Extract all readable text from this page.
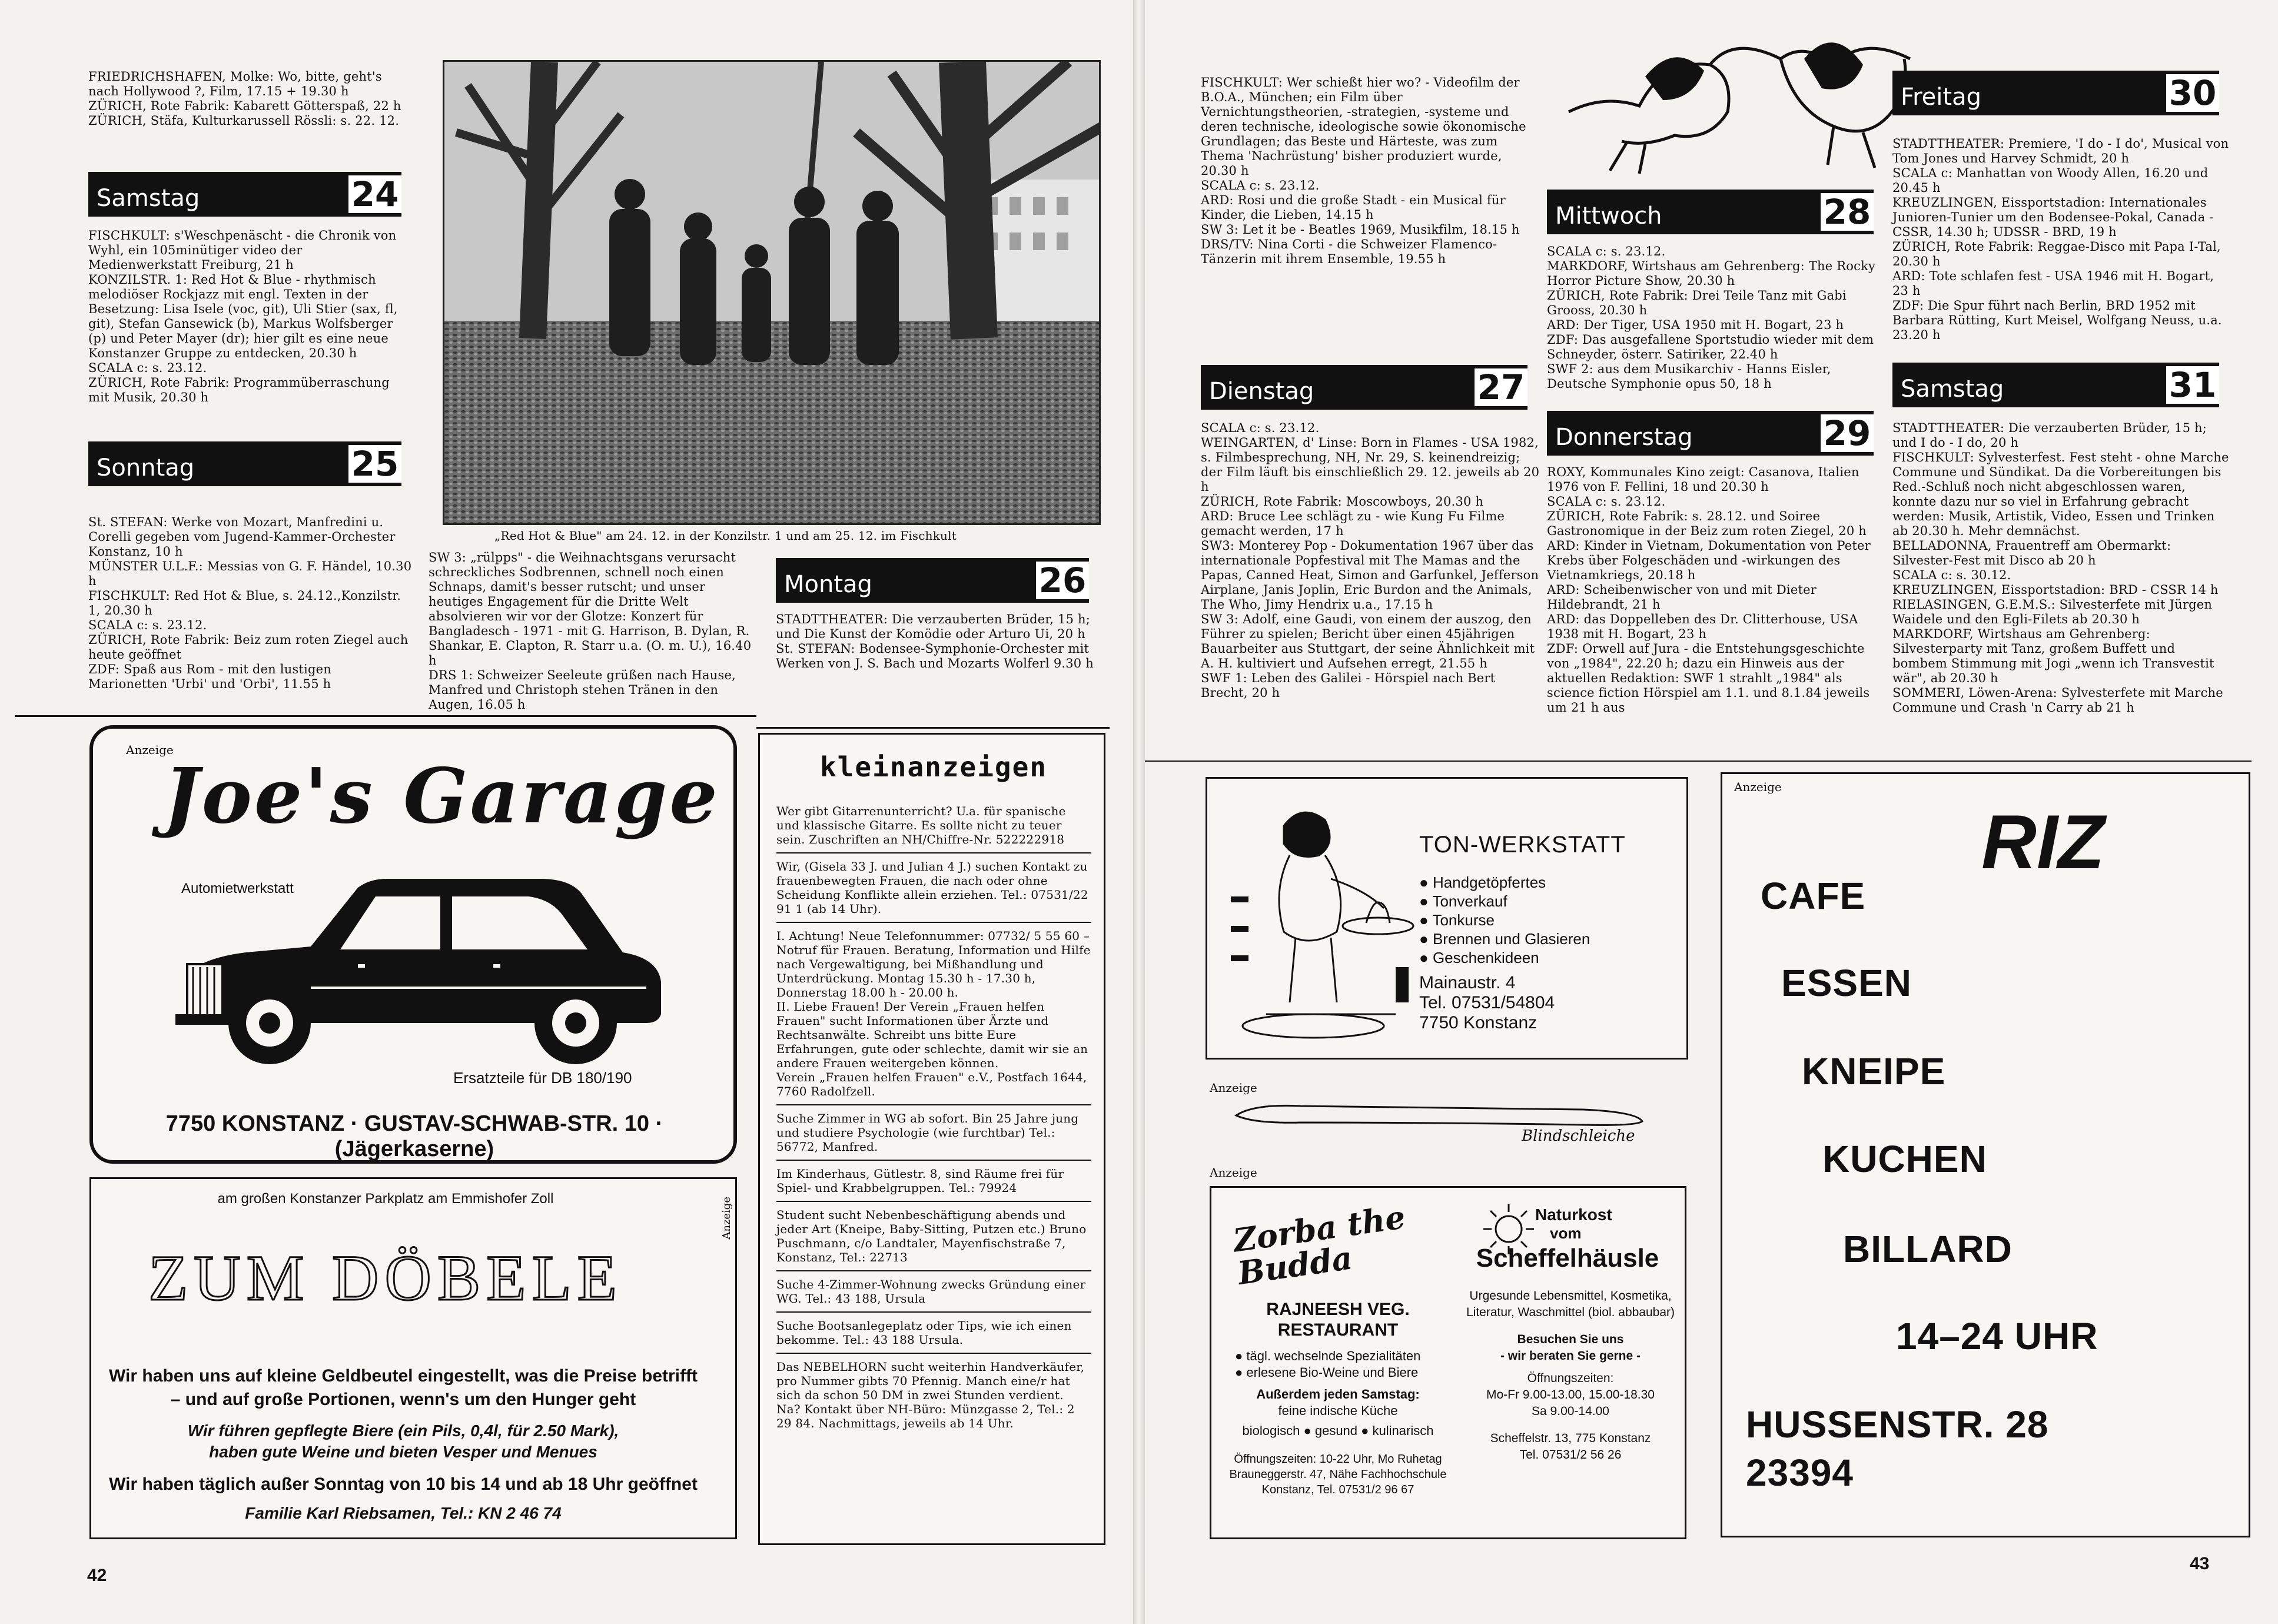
FRIEDRICHSHAFEN, Molke: Wo, bitte, geht's nach Hollywood ?, Film, 17.15 + 19.30 h

ZÜRICH, Rote Fabrik: Kabarett Götterspaß, 22 h

ZÜRICH, Stäfa, Kulturkarussell Rössli: s. 22. 12.

Samstag	24

FISCHKULT: s'Weschpenäscht - die Chronik von Wyhl, ein 105minütiger video der Medienwerkstatt Freiburg, 21 h

KONZILSTR. 1: Red Hot & Blue - rhythmisch melodiöser Rockjazz mit engl. Texten in der Besetzung: Lisa Isele (voc, git), Uli Stier (sax, fl, git), Stefan Gansewick (b), Markus Wolfsberger (p) und Peter Mayer (dr); hier gilt es eine neue Konstanzer Gruppe zu entdecken, 20.30 h

SCALA c: s. 23.12.

ZÜRICH, Rote Fabrik: Programmüberraschung mit Musik, 20.30 h

Sonntag	25

St. STEFAN: Werke von Mozart, Manfredini u. Corelli gegeben vom Jugend-Kammer-Orchester Konstanz, 10 h

MÜNSTER U.L.F.: Messias von G. F. Händel, 10.30 h

FISCHKULT: Red Hot & Blue, s. 24.12.,Konzilstr. 1, 20.30 h

SCALA c: s. 23.12.

ZÜRICH, Rote Fabrik: Beiz zum roten Ziegel auch heute geöffnet

ZDF: Spaß aus Rom - mit den lustigen Marionetten 'Urbi' und 'Orbi', 11.55 h

„Red Hot & Blue" am 24. 12. in der Konzilstr. 1 und am 25. 12. im Fischkult

SW 3: „rülpps" - die Weihnachtsgans verursacht schreckliches Sodbrennen, schnell noch einen Schnaps, damit's besser rutscht; und unser heutiges Engagement für die Dritte Welt absolvieren wir vor der Glotze: Konzert für Bangladesch - 1971 - mit G. Harrison, B. Dylan, R. Shankar, E. Clapton, R. Starr u.a. (O. m. U.), 16.40 h

DRS 1: Schweizer Seeleute grüßen nach Hause, Manfred und Christoph stehen Tränen in den Augen, 16.05 h

Montag	26

STADTTHEATER: Die verzauberten Brüder, 15 h; und Die Kunst der Komödie oder Arturo Ui, 20 h

St. STEFAN: Bodensee-Symphonie-Orchester mit Werken von J. S. Bach und Mozarts Wolferl 9.30 h

Anzeige
Joe's Garage
Automietwerkstatt
Ersatzteile für DB 180/190
7750 KONSTANZ · GUSTAV-SCHWAB-STR. 10 · (Jägerkaserne)
Anzeige
am großen Konstanzer Parkplatz am Emmishofer Zoll
ZUM DÖBELE
Wir haben uns auf kleine Geldbeutel eingestellt, was die Preise betrifft
– und auf große Portionen, wenn's um den Hunger geht
Wir führen gepflegte Biere (ein Pils, 0,4l, für 2.50 Mark),
haben gute Weine und bieten Vesper und Menues
Wir haben täglich außer Sonntag von 10 bis 14 und ab 18 Uhr geöffnet
Familie Karl Riebsamen, Tel.: KN 2 46 74
kleinanzeigen

Wer gibt Gitarrenunterricht? U.a. für spanische und klassische Gitarre. Es sollte nicht zu teuer sein. Zuschriften an NH/Chiffre-Nr. 522222918

Wir, (Gisela 33 J. und Julian 4 J.) suchen Kontakt zu frauenbewegten Frauen, die nach oder ohne Scheidung Konflikte allein erziehen. Tel.: 07531/22 91 1 (ab 14 Uhr).

I. Achtung! Neue Telefonnummer: 07732/ 5 55 60 – Notruf für Frauen. Beratung, Information und Hilfe nach Vergewaltigung, bei Mißhandlung und Unterdrückung. Montag 15.30 h - 17.30 h, Donnerstag 18.00 h - 20.00 h.

II. Liebe Frauen! Der Verein „Frauen helfen Frauen" sucht Informationen über Ärzte und Rechtsanwälte. Schreibt uns bitte Eure Erfahrungen, gute oder schlechte, damit wir sie an andere Frauen weitergeben können.

Verein „Frauen helfen Frauen" e.V., Postfach 1644, 7760 Radolfzell.

Suche Zimmer in WG ab sofort. Bin 25 Jahre jung und studiere Psychologie (wie furchtbar) Tel.: 56772, Manfred.

Im Kinderhaus, Gütlestr. 8, sind Räume frei für Spiel- und Krabbelgruppen. Tel.: 79924

Student sucht Nebenbeschäftigung abends und jeder Art (Kneipe, Baby-Sitting, Putzen etc.) Bruno Puschmann, c/o Landtaler, Mayenfischstraße 7, Konstanz, Tel.: 22713

Suche 4-Zimmer-Wohnung zwecks Gründung einer WG. Tel.: 43 188, Ursula

Suche Bootsanlegeplatz oder Tips, wie ich einen bekomme. Tel.: 43 188 Ursula.

Das NEBELHORN sucht weiterhin Handverkäufer, pro Nummer gibts 70 Pfennig. Manch eine/r hat sich da schon 50 DM in zwei Stunden verdient. Na? Kontakt über NH-Büro: Münzgasse 2, Tel.: 2 29 84. Nachmittags, jeweils ab 14 Uhr.

42

FISCHKULT: Wer schießt hier wo? - Videofilm der B.O.A., München; ein Film über Vernichtungstheorien, -strategien, -systeme und deren technische, ideologische sowie ökonomische Grundlagen; das Beste und Härteste, was zum Thema 'Nachrüstung' bisher produziert wurde, 20.30 h

SCALA c: s. 23.12.

ARD: Rosi und die große Stadt - ein Musical für Kinder, die Lieben, 14.15 h

SW 3: Let it be - Beatles 1969, Musikfilm, 18.15 h

DRS/TV: Nina Corti - die Schweizer Flamenco-Tänzerin mit ihrem Ensemble, 19.55 h

Dienstag	27

SCALA c: s. 23.12.

WEINGARTEN, d' Linse: Born in Flames - USA 1982, s. Filmbesprechung, NH, Nr. 29, S. keinendreizig; der Film läuft bis einschließlich 29. 12. jeweils ab 20 h

ZÜRICH, Rote Fabrik: Moscowboys, 20.30 h

ARD: Bruce Lee schlägt zu - wie Kung Fu Filme gemacht werden, 17 h

SW3: Monterey Pop - Dokumentation 1967 über das internationale Popfestival mit The Mamas and the Papas, Canned Heat, Simon and Garfunkel, Jefferson Airplane, Janis Joplin, Eric Burdon and the Animals, The Who, Jimy Hendrix u.a., 17.15 h

SW 3: Adolf, eine Gaudi, von einem der auszog, den Führer zu spielen; Bericht über einen 45jährigen Bauarbeiter aus Stuttgart, der seine Ähnlichkeit mit A. H. kultiviert und Aufsehen erregt, 21.55 h

SWF 1: Leben des Galilei - Hörspiel nach Bert Brecht, 20 h

Mittwoch	28

SCALA c: s. 23.12.

MARKDORF, Wirtshaus am Gehrenberg: The Rocky Horror Picture Show, 20.30 h

ZÜRICH, Rote Fabrik: Drei Teile Tanz mit Gabi Grooss, 20.30 h

ARD: Der Tiger, USA 1950 mit H. Bogart, 23 h

ZDF: Das ausgefallene Sportstudio wieder mit dem Schneyder, österr. Satiriker, 22.40 h

SWF 2: aus dem Musikarchiv - Hanns Eisler, Deutsche Symphonie opus 50, 18 h

Donnerstag	29

ROXY, Kommunales Kino zeigt: Casanova, Italien 1976 von F. Fellini, 18 und 20.30 h

SCALA c: s. 23.12.

ZÜRICH, Rote Fabrik: s. 28.12. und Soiree Gastronomique in der Beiz zum roten Ziegel, 20 h

ARD: Kinder in Vietnam, Dokumentation von Peter Krebs über Folgeschäden und -wirkungen des Vietnamkriegs, 20.18 h

ARD: Scheibenwischer von und mit Dieter Hildebrandt, 21 h

ARD: das Doppelleben des Dr. Clitterhouse, USA 1938 mit H. Bogart, 23 h

ZDF: Orwell auf Jura - die Entstehungsgeschichte von „1984", 22.20 h; dazu ein Hinweis aus der aktuellen Redaktion: SWF 1 strahlt „1984" als science fiction Hörspiel am 1.1. und 8.1.84 jeweils um 21 h aus

Freitag	30

STADTTHEATER: Premiere, 'I do - I do', Musical von Tom Jones und Harvey Schmidt, 20 h

SCALA c: Manhattan von Woody Allen, 16.20 und 20.45 h

KREUZLINGEN, Eissportstadion: Internationales Junioren-Tunier um den Bodensee-Pokal, Canada - CSSR, 14.30 h; UDSSR - BRD, 19 h

ZÜRICH, Rote Fabrik: Reggae-Disco mit Papa I-Tal, 20.30 h

ARD: Tote schlafen fest - USA 1946 mit H. Bogart, 23 h

ZDF: Die Spur führt nach Berlin, BRD 1952 mit Barbara Rütting, Kurt Meisel, Wolfgang Neuss, u.a. 23.20 h

Samstag	31

STADTTHEATER: Die verzauberten Brüder, 15 h; und I do - I do, 20 h

FISCHKULT: Sylvesterfest. Fest steht - ohne Marche Commune und Sündikat. Da die Vorbereitungen bis Red.-Schluß noch nicht abgeschlossen waren, konnte dazu nur so viel in Erfahrung gebracht werden: Musik, Artistik, Video, Essen und Trinken ab 20.30 h. Mehr demnächst.

BELLADONNA, Frauentreff am Obermarkt: Silvester-Fest mit Disco ab 20 h

SCALA c: s. 30.12.

KREUZLINGEN, Eissportstadion: BRD - CSSR 14 h

RIELASINGEN, G.E.M.S.: Silvesterfete mit Jürgen Waidele und den Egli-Filets ab 20.30 h

MARKDORF, Wirtshaus am Gehrenberg: Silvesterparty mit Tanz, großem Buffett und bombem Stimmung mit Jogi „wenn ich Transvestit wär", ab 20.30 h

SOMMERI, Löwen-Arena: Sylvesterfete mit Marche Commune und Crash 'n Carry ab 21 h

TON-WERKSTATT
● Handgetöpfertes
● Tonverkauf
● Tonkurse
● Brennen und Glasieren
● Geschenkideen
Mainaustr. 4
Tel. 07531/54804
7750 Konstanz
Anzeige
Blindschleiche
Anzeige
Zorba the Budda
RAJNEESH VEG.
RESTAURANT
● tägl. wechselnde Spezialitäten
● erlesene Bio-Weine und Biere
Außerdem jeden Samstag:
feine indische Küche
biologisch ● gesund ● kulinarisch
Öffnungszeiten: 10-22 Uhr, Mo Ruhetag
Brauneggerstr. 47, Nähe Fachhochschule
Konstanz, Tel. 07531/2 96 67
Naturkost
vom
Scheffelhäusle
Urgesunde Lebensmittel, Kosmetika,
Literatur, Waschmittel (biol. abbaubar)
Besuchen Sie uns
- wir beraten Sie gerne -
Öffnungszeiten:
Mo-Fr 9.00-13.00, 15.00-18.30
Sa 9.00-14.00
Scheffelstr. 13, 775 Konstanz
Tel. 07531/2 56 26
Anzeige
RIZ
CAFE
ESSEN
KNEIPE
KUCHEN
BILLARD
14–24 UHR
HUSSENSTR. 28
23394
43
